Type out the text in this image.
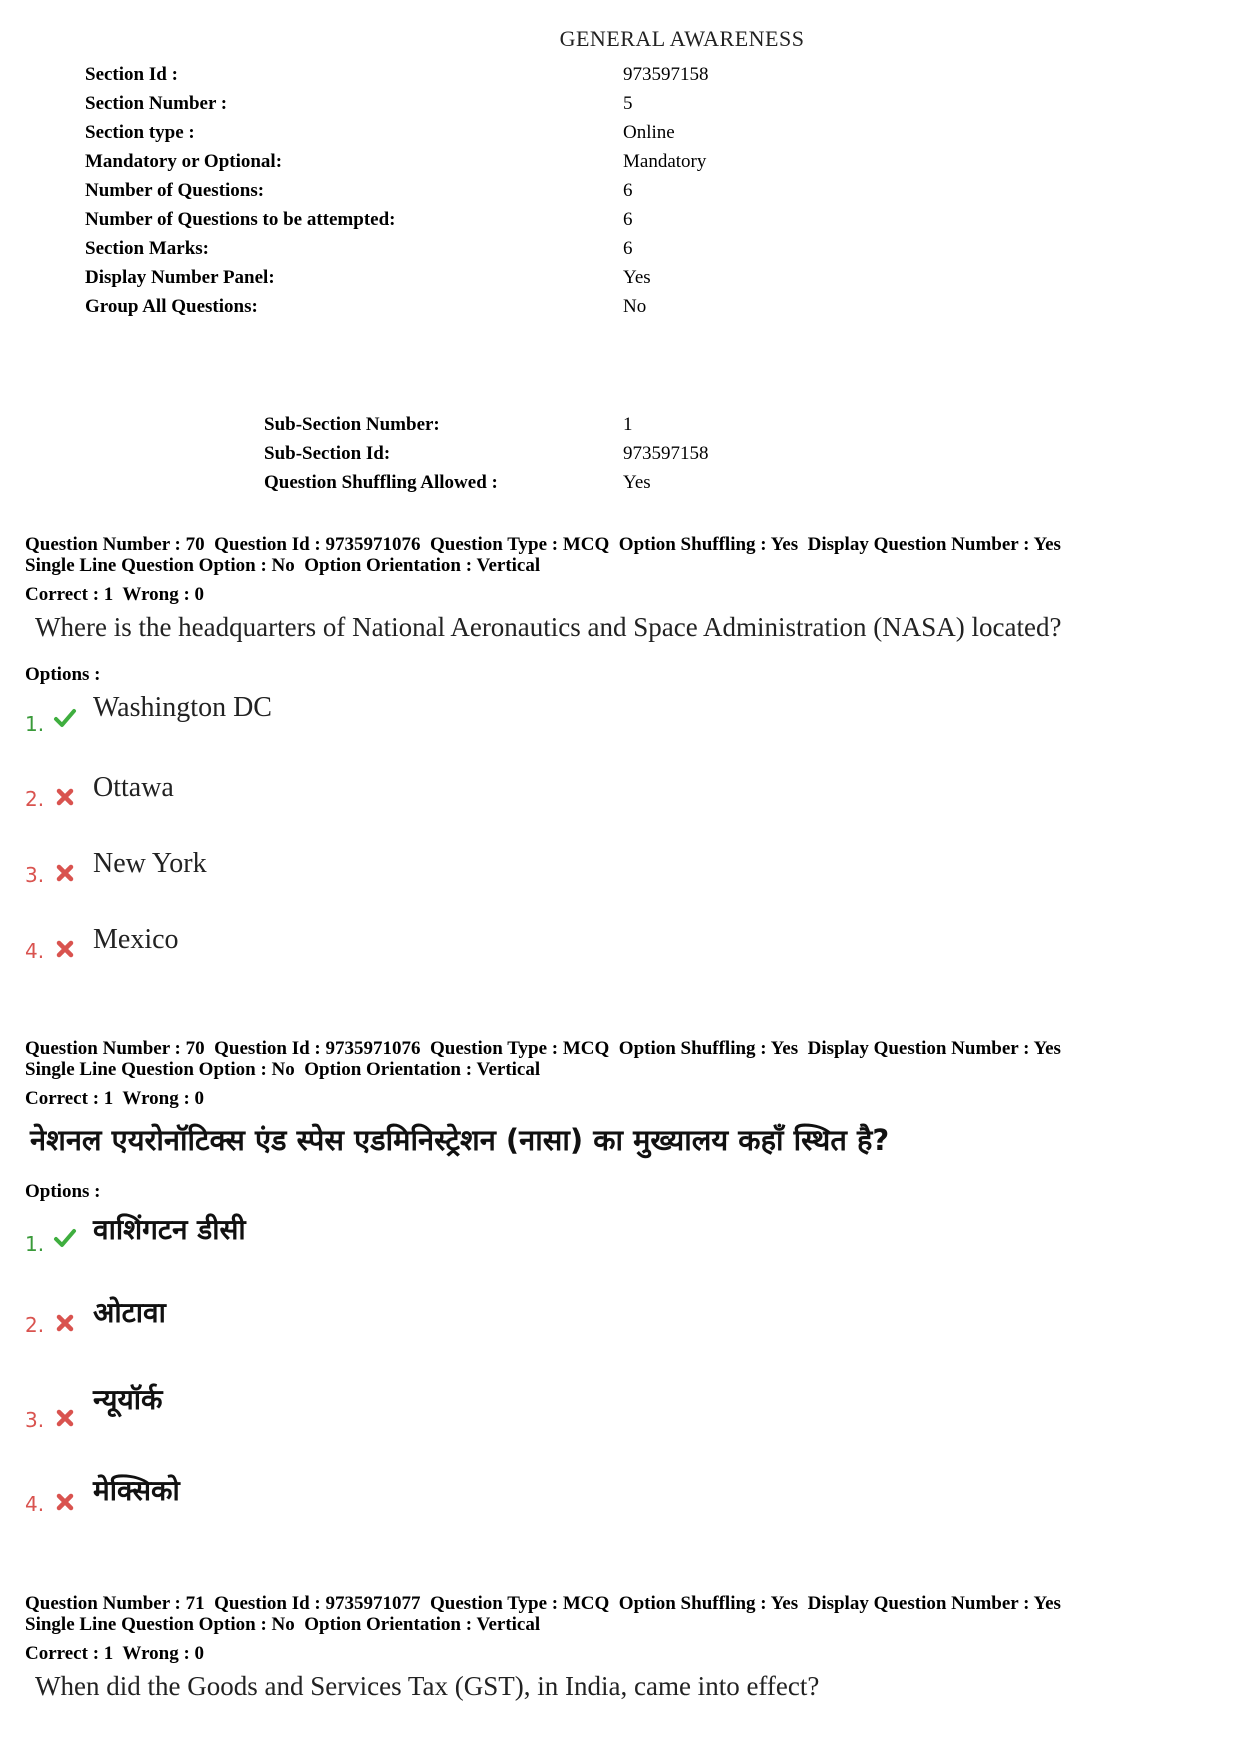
GENERAL AWARENESS
Section Id :	973597158
Section Number :	5
Section type :	Online
Mandatory or Optional:	Mandatory
Number of Questions:	6
Number of Questions to be attempted:	6
Section Marks:	6
Display Number Panel:	Yes
Group All Questions:	No
Sub-Section Number:	1
Sub-Section Id:	973597158
Question Shuffling Allowed :	Yes
Question Number : 70  Question Id : 9735971076  Question Type : MCQ  Option Shuffling : Yes  Display Question Number : Yes
Single Line Question Option : No  Option Orientation : Vertical
Correct : 1  Wrong : 0
Where is the headquarters of National Aeronautics and Space Administration (NASA) located?
Options :
1.
Washington DC
2. Ottawa
3. New York
4. Mexico
Question Number : 70  Question Id : 9735971076  Question Type : MCQ  Option Shuffling : Yes  Display Question Number : Yes
Single Line Question Option : No  Option Orientation : Vertical
Correct : 1  Wrong : 0
नेशनल एयरोनॉटिक्स एंड स्पेस एडमिनिस्ट्रेशन (नासा) का मुख्यालय कहाँ स्थित है?
Options :
1. वाशिंगटन डीसी
2. ओटावा
3.
न्यूयॉर्क
4. मेक्सिको
Question Number : 71  Question Id : 9735971077  Question Type : MCQ  Option Shuffling : Yes  Display Question Number : Yes
Single Line Question Option : No  Option Orientation : Vertical
Correct : 1  Wrong : 0
When did the Goods and Services Tax (GST), in India, came into effect?
